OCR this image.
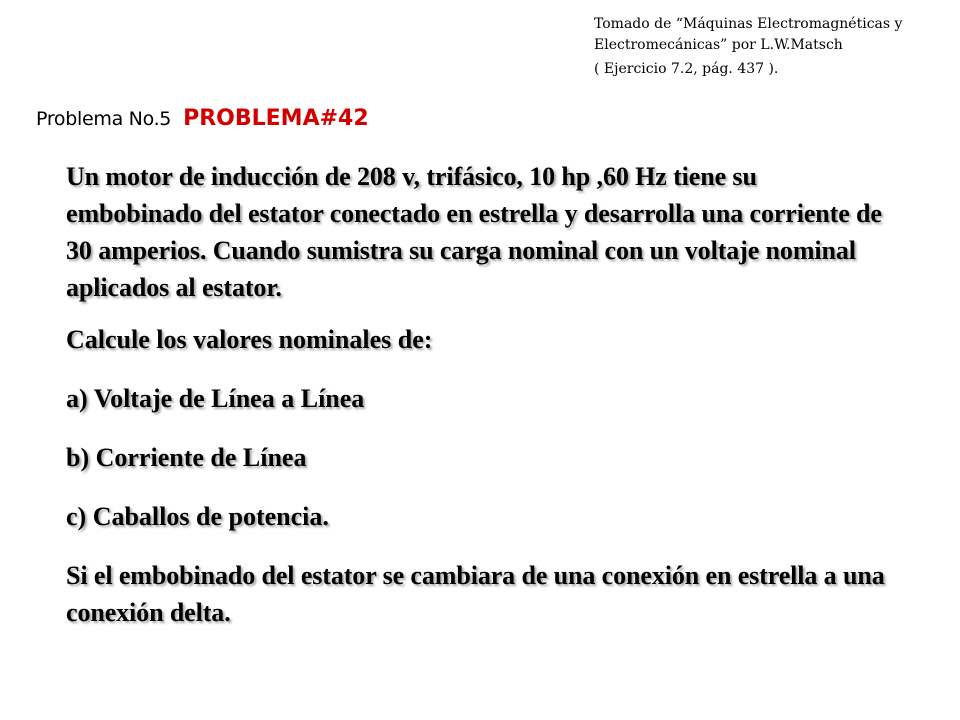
Tomado de “Máquinas Electromagnéticas y
Electromecánicas” por L.W.Matsch
( Ejercicio 7.2, pág. 437 ).
Problema No.5 PROBLEMA#42

Un motor de inducción de 208 v, trifásico, 10 hp ,60 Hz tiene su embobinado del estator conectado en estrella y desarrolla una corriente de 30 amperios. Cuando sumistra su carga nominal con un voltaje nominal aplicados al estator.

Calcule los valores nominales de:

a) Voltaje de Línea a Línea

b) Corriente de Línea

c) Caballos de potencia.

Si el embobinado del estator se cambiara de una conexión en estrella a una conexión delta.
